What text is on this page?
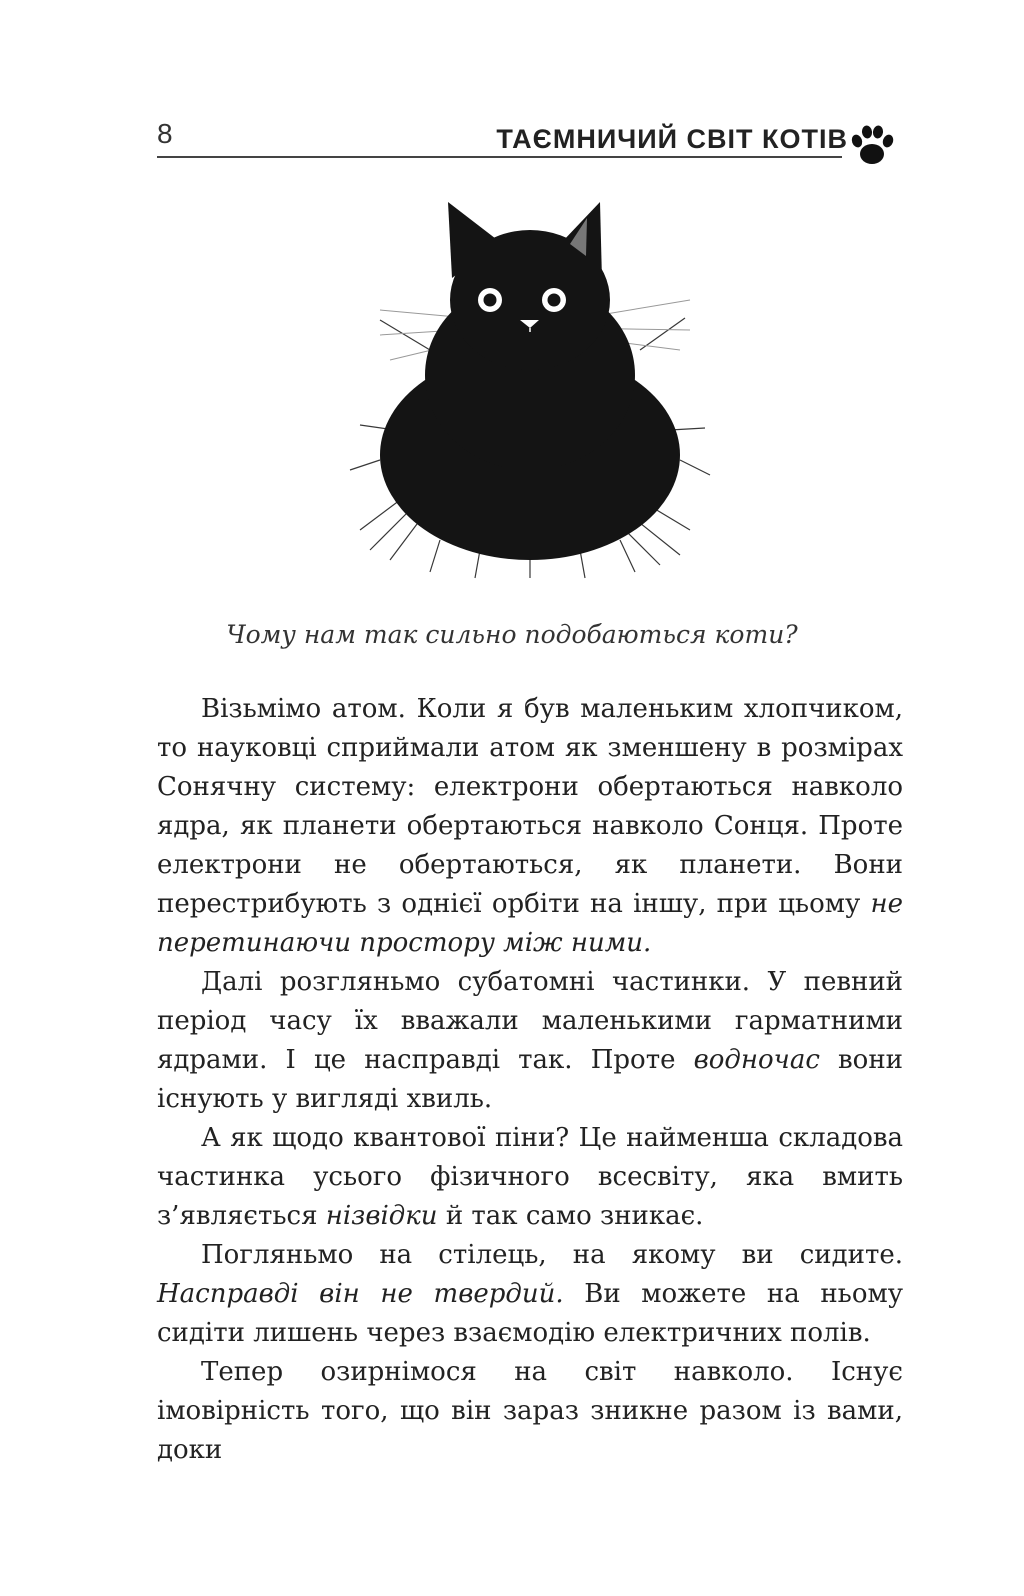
8	ТАЄМНИЧИЙ СВІТ КОТІВ
Чому нам так сильно подобаються коти?

Візьмімо атом. Коли я був маленьким хлопчиком, то науковці сприймали атом як зменшену в розмірах Сонячну систему: електрони обертаються навколо ядра, як планети обертаються навколо Сонця. Проте електрони не обертаються, як планети. Вони перестрибують з однієї орбіти на іншу, при цьому не перетинаючи простору між ними.

Далі розгляньмо субатомні частинки. У певний період часу їх вважали маленькими гарматними ядрами. І це насправді так. Проте водночас вони існують у вигляді хвиль.

А як щодо квантової піни? Це найменша складова частинка усього фізичного всесвіту, яка вмить з’являється нізвідки й так само зникає.

Погляньмо на стілець, на якому ви сидите. Насправді він не твердий. Ви можете на ньому сидіти лишень через взаємодію електричних полів.

Тепер озирнімося на світ навколо. Існує імовірність того, що він зараз зникне разом із вами, доки
